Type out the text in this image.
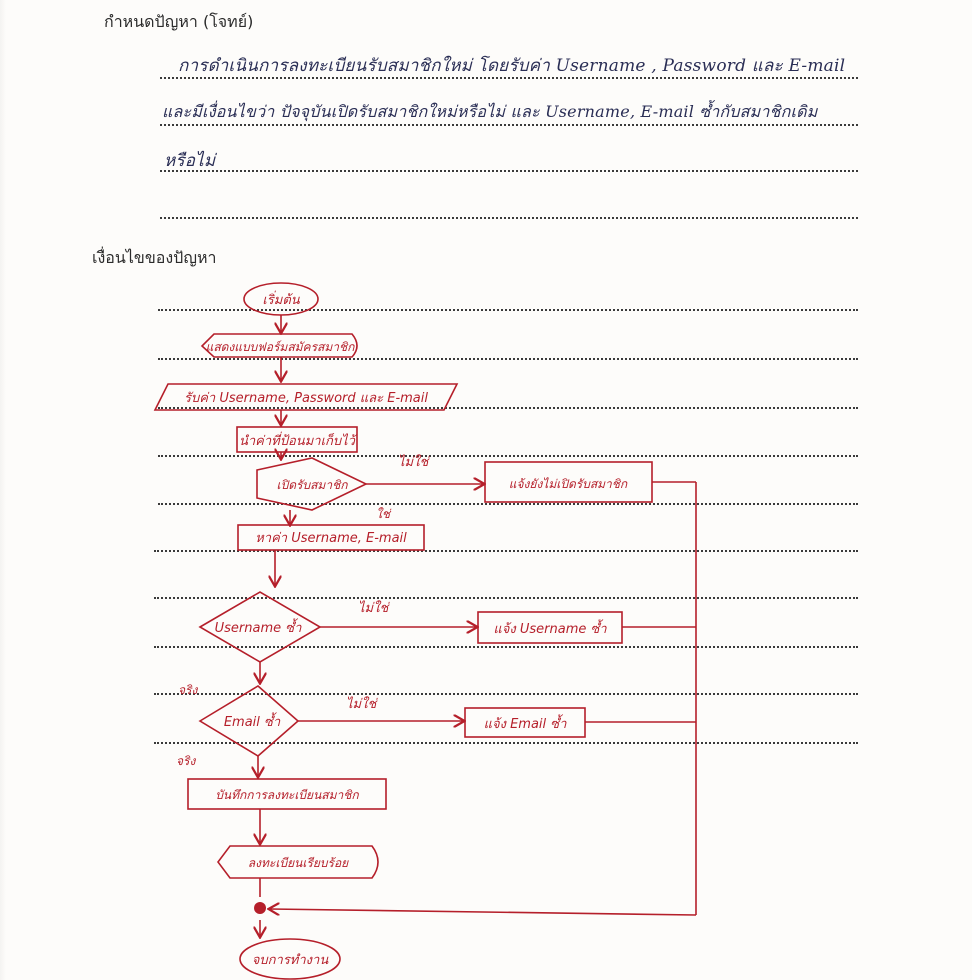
กำหนดปัญหา (โจทย์)
การดำเนินการลงทะเบียนรับสมาชิกใหม่ โดยรับค่า Username , Password และ E-mail
และมีเงื่อนไขว่า ปัจจุบันเปิดรับสมาชิกใหม่หรือไม่ และ Username, E-mail ซ้ำกับสมาชิกเดิม
หรือไม่
เงื่อนไขของปัญหา
เริ่มต้น
แสดงแบบฟอร์มสมัครสมาชิก
รับค่า Username, Password และ E-mail
นำค่าที่ป้อนมาเก็บไว้
เปิดรับสมาชิก
ไม่ใช่
ใช่
แจ้งยังไม่เปิดรับสมาชิก
หาค่า Username, E-mail
Username ซ้ำ
ไม่ใช่
แจ้ง Username ซ้ำ
จริง
Email ซ้ำ
ไม่ใช่
แจ้ง Email ซ้ำ
จริง
บันทึกการลงทะเบียนสมาชิก
ลงทะเบียนเรียบร้อย
จบการทำงาน
